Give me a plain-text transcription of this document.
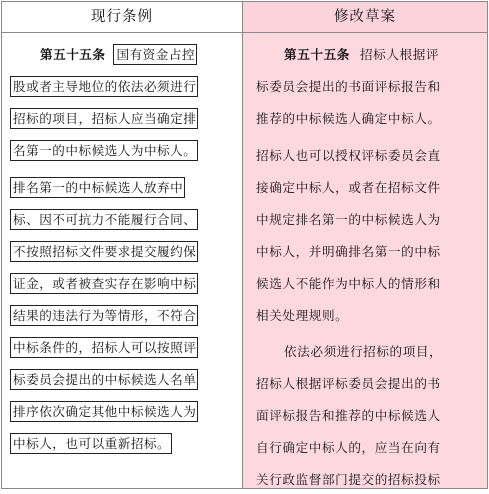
现行条例
第五十五条 国有资金占控
股或者主导地位的依法必须进行
招标的项目，招标人应当确定排
名第一的中标候选人为中标人。
排名第一的中标候选人放弃中
标、因不可抗力不能履行合同、
不按照招标文件要求提交履约保
证金，或者被查实存在影响中标
结果的违法行为等情形，不符合
中标条件的，招标人可以按照评
标委员会提出的中标候选人名单
排序依次确定其他中标候选人为
中标人，也可以重新招标。
修改草案
第五十五条 招标人根据评
标委员会提出的书面评标报告和
推荐的中标候选人确定中标人。
招标人也可以授权评标委员会直
接确定中标人，或者在招标文件
中规定排名第一的中标候选人为
中标人，并明确排名第一的中标
候选人不能作为中标人的情形和
相关处理规则。
依法必须进行招标的项目，
招标人根据评标委员会提出的书
面评标报告和推荐的中标候选人
自行确定中标人的，应当在向有
关行政监督部门提交的招标投标
